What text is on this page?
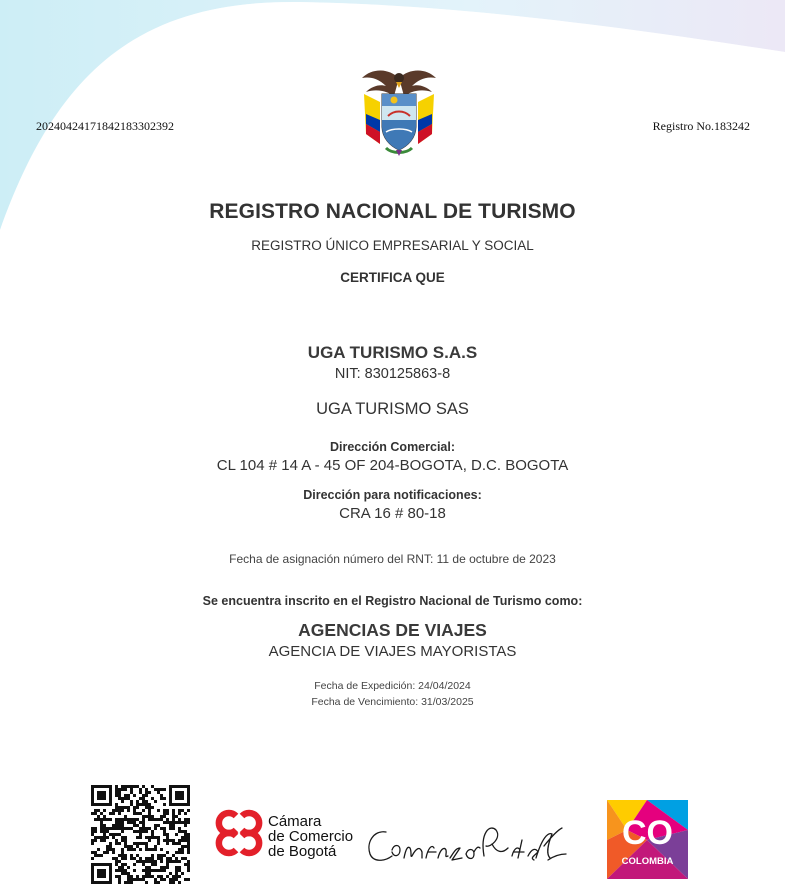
20240424171842183302392	Registro No.183242
REGISTRO NACIONAL DE TURISMO
REGISTRO ÚNICO EMPRESARIAL Y SOCIAL
CERTIFICA QUE
UGA TURISMO S.A.S
NIT: 830125863-8
UGA TURISMO SAS
Dirección Comercial:
CL 104 # 14 A - 45 OF 204-BOGOTA, D.C. BOGOTA
Dirección para notificaciones:
CRA 16 # 80-18
Fecha de asignación número del RNT: 11 de octubre de 2023
Se encuentra inscrito en el Registro Nacional de Turismo como:
AGENCIAS DE VIAJES
AGENCIA DE VIAJES MAYORISTAS
Fecha de Expedición: 24/04/2024
Fecha de Vencimiento: 31/03/2025
Cámara
de Comercio
de Bogotá	CO
COLOMBIA
